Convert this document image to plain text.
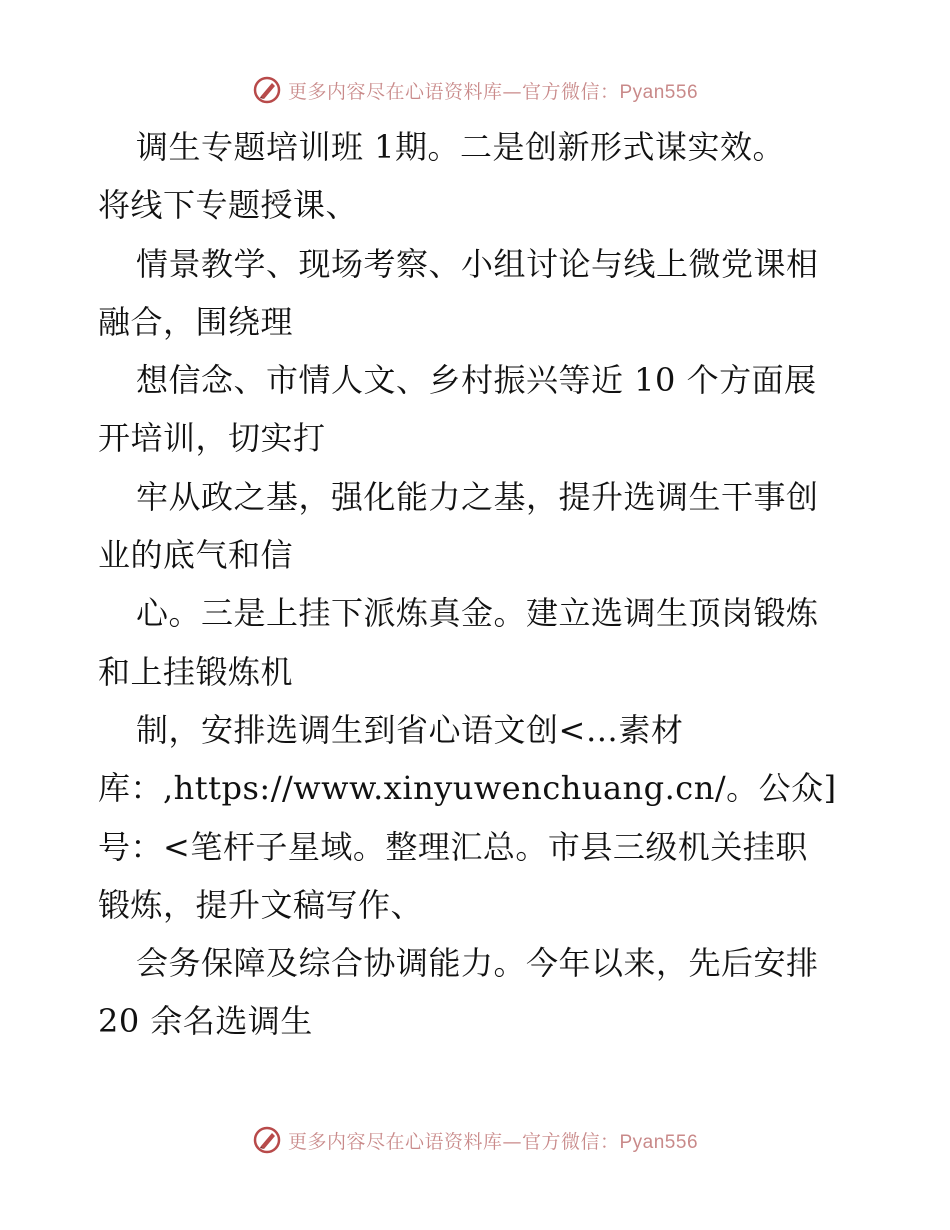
更多内容尽在心语资料库—官方微信：Pyan556
调生专题培训班 1期。二是创新形式谋实效。
将线下专题授课、
情景教学、现场考察、小组讨论与线上微党课相
融合，围绕理
想信念、市情人文、乡村振兴等近 10 个方面展
开培训，切实打
牢从政之基，强化能力之基，提升选调生干事创
业的底气和信
心。三是上挂下派炼真金。建立选调生顶岗锻炼
和上挂锻炼机
制，安排选调生到省心语文创<…素材
库：,https://www.xinyuwenchuang.cn/。公众]
号：<笔杆子星域。整理汇总。市县三级机关挂职
锻炼，提升文稿写作、
会务保障及综合协调能力。今年以来，先后安排
20 余名选调生
更多内容尽在心语资料库—官方微信：Pyan556
